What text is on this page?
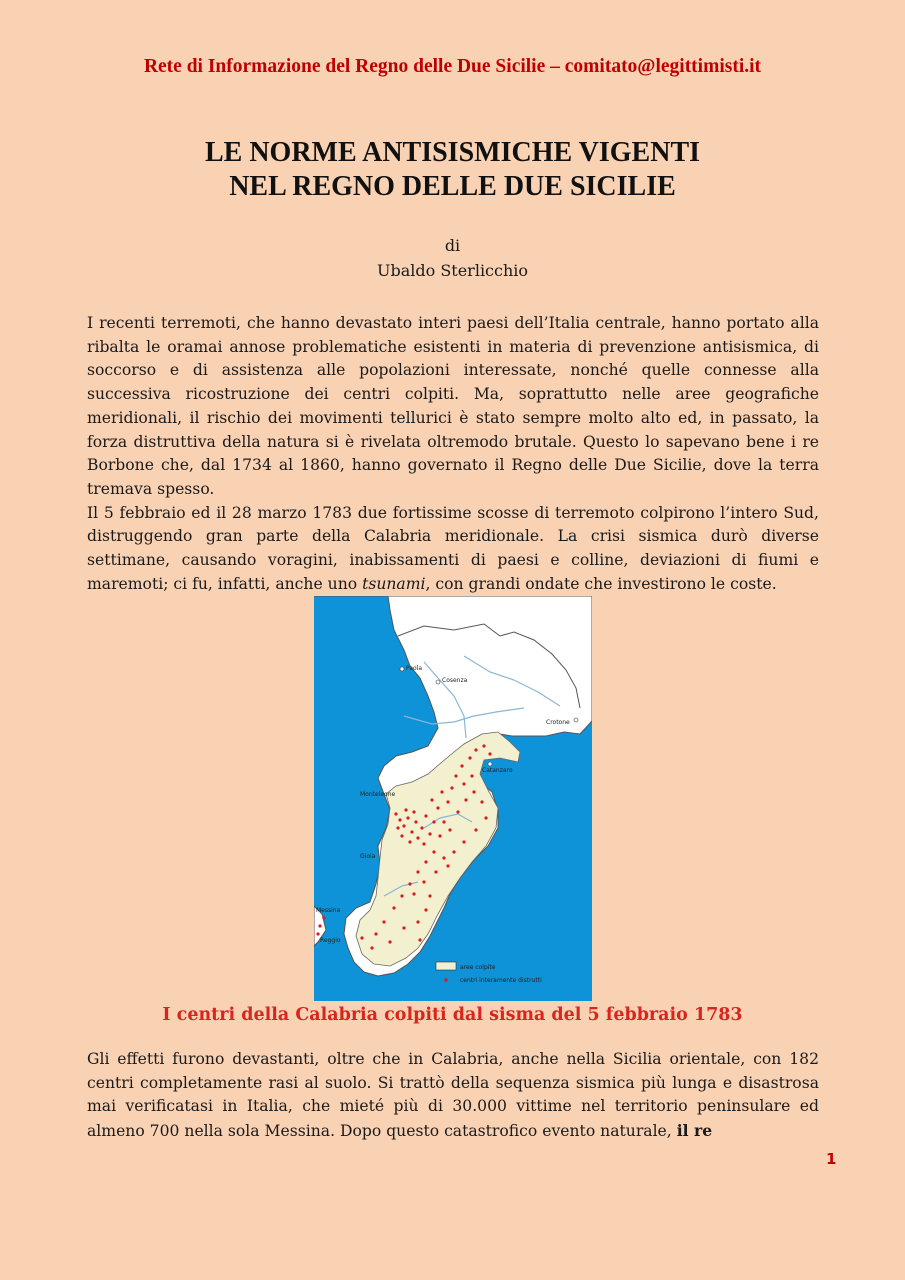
Rete di Informazione del Regno delle Due Sicilie – comitato@legittimisti.it
LE NORME ANTISISMICHE VIGENTI
NEL REGNO DELLE DUE SICILIE
di
Ubaldo Sterlicchio
I recenti terremoti, che hanno devastato interi paesi dell’Italia centrale, hanno portato alla ribalta le oramai annose problematiche esistenti in materia di prevenzione antisismica, di soccorso e di assistenza alle popolazioni interessate, nonché quelle connesse alla successiva ricostruzione dei centri colpiti. Ma, soprattutto nelle aree geografiche meridionali, il rischio dei movimenti tellurici è stato sempre molto alto ed, in passato, la forza distruttiva della natura si è rivelata oltremodo brutale. Questo lo sapevano bene i re Borbone che, dal 1734 al 1860, hanno governato il Regno delle Due Sicilie, dove la terra tremava spesso.
Il 5 febbraio ed il 28 marzo 1783 due fortissime scosse di terremoto colpirono l’intero Sud, distruggendo gran parte della Calabria meridionale. La crisi sismica durò diverse settimane, causando voragini, inabissamenti di paesi e colline, deviazioni di fiumi e maremoti; ci fu, infatti, anche uno tsunami, con grandi ondate che investirono le coste.
Paola
Cosenza
Crotone
Catanzaro
Monteleone
Gioia
Messina
Reggio
aree colpite
centri interamente distrutti
I centri della Calabria colpiti dal sisma del 5 febbraio 1783
Gli effetti furono devastanti, oltre che in Calabria, anche nella Sicilia orientale, con 182 centri completamente rasi al suolo. Si trattò della sequenza sismica più lunga e disastrosa mai verificatasi in Italia, che mieté più di 30.000 vittime nel territorio peninsulare ed almeno 700 nella sola Messina. Dopo questo catastrofico evento naturale, il re
1
